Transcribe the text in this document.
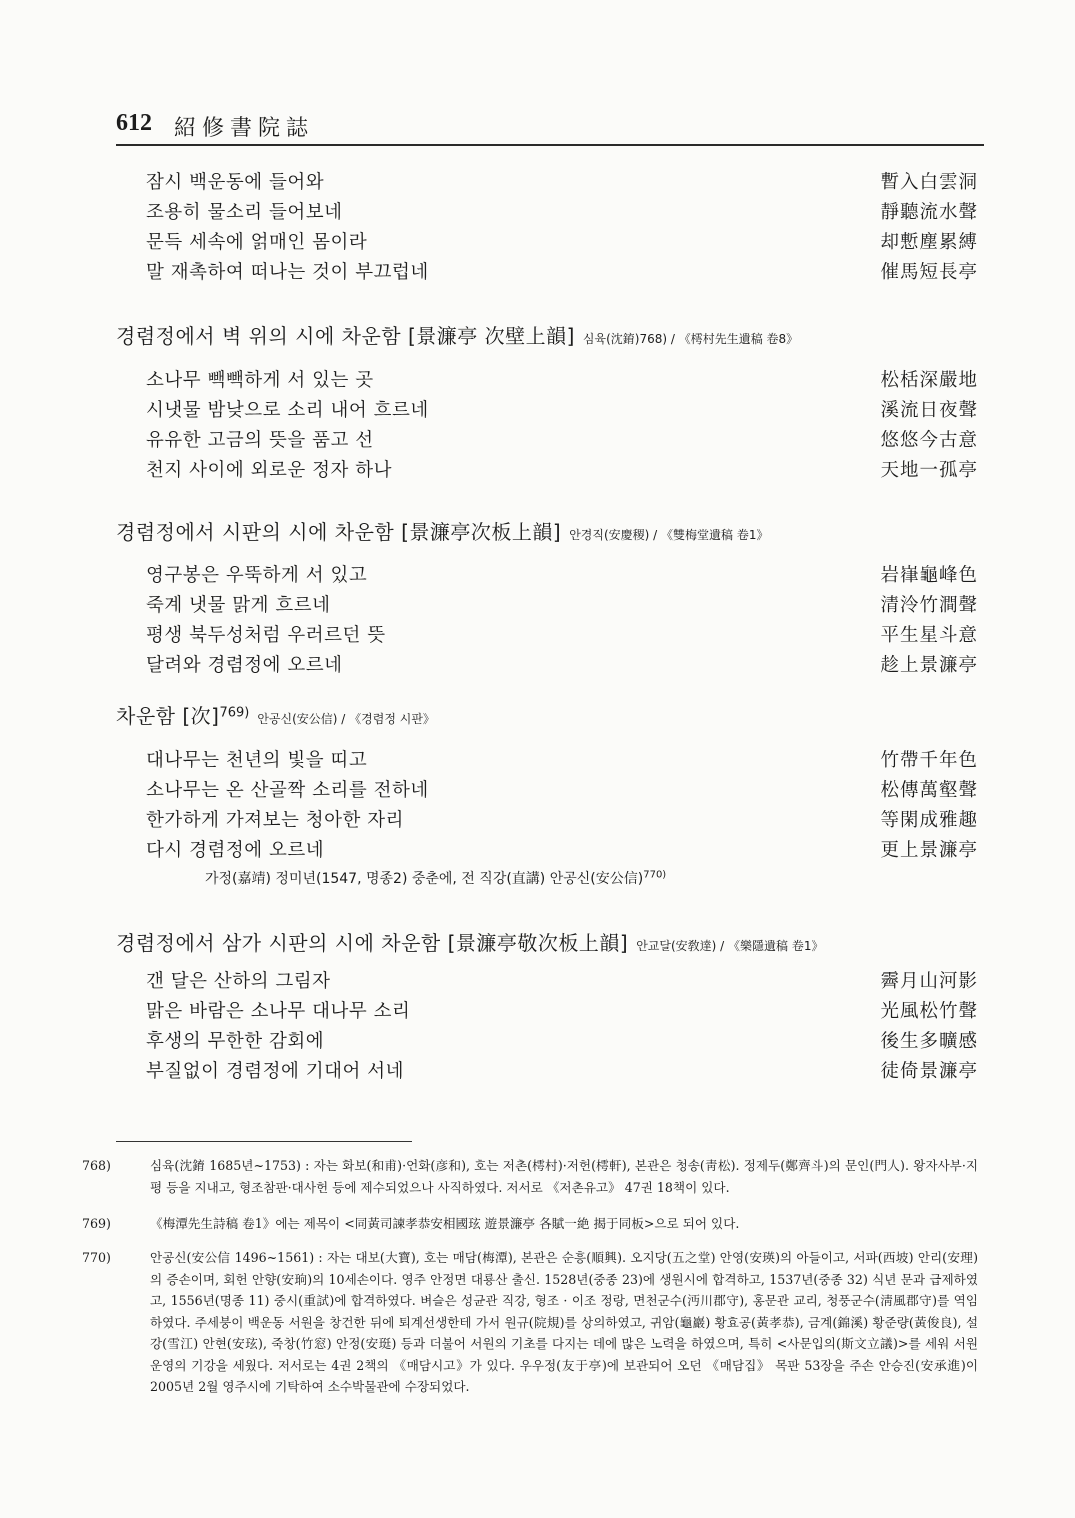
612 紹修書院誌
잠시 백운동에 들어와	暫入白雲洞
조용히 물소리 들어보네	靜聽流水聲
문득 세속에 얽매인 몸이라	却慙塵累縛
말 재촉하여 떠나는 것이 부끄럽네	催馬短長亭
경렴정에서 벽 위의 시에 차운함 [景濂亭 次壁上韻] 심육(沈錥)768) / 《樗村先生遺稿 卷8》
소나무 빽빽하게 서 있는 곳	松栝深嚴地
시냇물 밤낮으로 소리 내어 흐르네	溪流日夜聲
유유한 고금의 뜻을 품고 선	悠悠今古意
천지 사이에 외로운 정자 하나	天地一孤亭
경렴정에서 시판의 시에 차운함 [景濂亭次板上韻] 안경직(安慶稷) / 《雙梅堂遺稿 卷1》
영구봉은 우뚝하게 서 있고	岩嵂龜峰色
죽계 냇물 맑게 흐르네	清泠竹澗聲
평생 북두성처럼 우러르던 뜻	平生星斗意
달려와 경렴정에 오르네	趁上景濂亭
차운함 [次]$^{769)}$ 안공신(安公信) / 《경렴정 시판》
대나무는 천년의 빛을 띠고	竹帶千年色
소나무는 온 산골짝 소리를 전하네	松傳萬壑聲
한가하게 가져보는 청아한 자리	等閑成雅趣
다시 경렴정에 오르네	更上景濂亭
가정(嘉靖) 정미년(1547, 명종2) 중춘에, 전 직강(直講) 안공신(安公信)$^{770)}$
경렴정에서 삼가 시판의 시에 차운함 [景濂亭敬次板上韻] 안교달(安敎達) / 《樂隱遺稿 卷1》
갠 달은 산하의 그림자	霽月山河影
맑은 바람은 소나무 대나무 소리	光風松竹聲
후생의 무한한 감회에	後生多曠感
부질없이 경렴정에 기대어 서네	徒倚景濂亭
768)	심육(沈錥 1685년~1753) : 자는 화보(和甫)·언화(彦和), 호는 저촌(樗村)·저헌(樗軒), 본관은 청송(靑松). 정제두(鄭齊斗)의 문인(門人). 왕자사부·지평 등을 지내고, 형조참판·대사헌 등에 제수되었으나 사직하였다. 저서로 《저촌유고》 47권 18책이 있다.
769)	《梅潭先生詩稿 卷1》에는 제목이 <同黃司諫孝恭安相國玹 遊景濂亭 各賦一絶 揭于同板>으로 되어 있다.
770)	안공신(安公信 1496~1561) : 자는 대보(大寶), 호는 매담(梅潭), 본관은 순흥(順興). 오지당(五之堂) 안영(安瑛)의 아들이고, 서파(西坡) 안리(安理)의 증손이며, 회헌 안향(安珦)의 10세손이다. 영주 안정면 대룡산 출신. 1528년(중종 23)에 생원시에 합격하고, 1537년(중종 32) 식년 문과 급제하였고, 1556년(명종 11) 중시(重試)에 합격하였다. 벼슬은 성균관 직강, 형조 · 이조 정랑, 면천군수(沔川郡守), 홍문관 교리, 청풍군수(淸風郡守)를 역임하였다. 주세붕이 백운동 서원을 창건한 뒤에 퇴계선생한테 가서 원규(院規)를 상의하였고, 귀암(龜巖) 황효공(黃孝恭), 금계(錦溪) 황준량(黃俊良), 설강(雪江) 안현(安玹), 죽창(竹窓) 안정(安珽) 등과 더불어 서원의 기초를 다지는 데에 많은 노력을 하였으며, 특히 <사문입의(斯文立議)>를 세워 서원 운영의 기강을 세웠다. 저서로는 4권 2책의 《매담시고》가 있다. 우우정(友于亭)에 보관되어 오던 《매담집》 목판 53장을 주손 안승진(安承進)이 2005년 2월 영주시에 기탁하여 소수박물관에 수장되었다.
